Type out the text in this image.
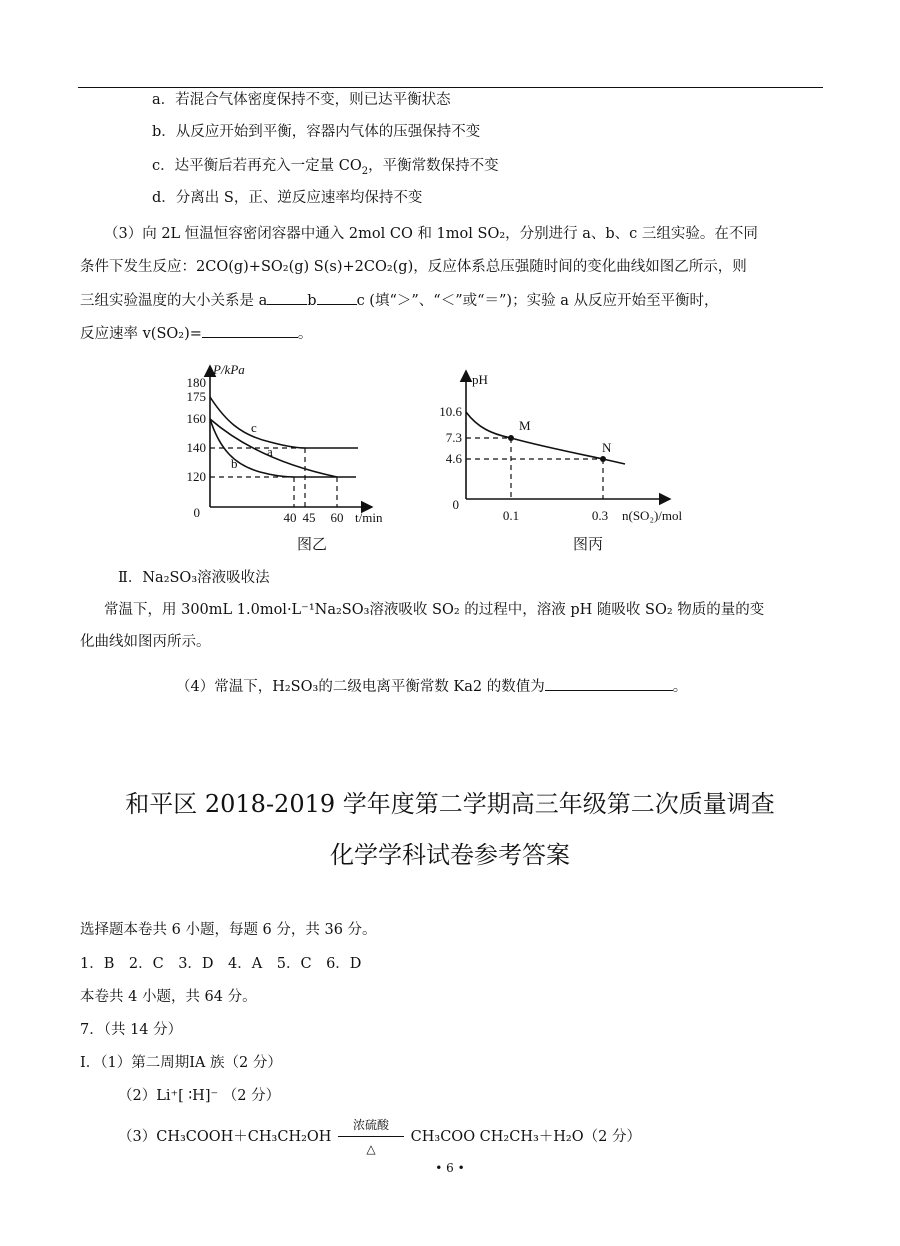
a．若混合气体密度保持不变，则已达平衡状态
b．从反应开始到平衡，容器内气体的压强保持不变
c．达平衡后若再充入一定量 $CO_2$，平衡常数保持不变
d．分离出 S，正、逆反应速率均保持不变
（3）向 2L 恒温恒容密闭容器中通入 2mol CO 和 1mol SO₂，分别进行 a、b、c 三组实验。在不同
条件下发生反应：2CO(g)+SO₂(g) S(s)+2CO₂(g)，反应体系总压强随时间的变化曲线如图乙所示，则
三组实验温度的大小关系是 a	b	c (填“＞”、“＜”或“＝”)；实验 a 从反应开始至平衡时，
反应速率 v(SO₂)=	。
P/kPa
0
180
175
160
140
120
40 45 60 t/min
c
a
b
图乙
pH
0
10.6
7.3
4.6
0.1	0.3 n(SO₂)/mol
M
N
图丙
Ⅱ．Na₂SO₃溶液吸收法
常温下，用 300mL 1.0mol·L⁻¹Na₂SO₃溶液吸收 SO₂ 的过程中，溶液 pH 随吸收 SO₂ 物质的量的变
化曲线如图丙所示。
（4）常温下，H₂SO₃的二级电离平衡常数 Ka2 的数值为	。
和平区 2018-2019 学年度第二学期高三年级第二次质量调查
化学学科试卷参考答案
选择题本卷共 6 小题，每题 6 分，共 36 分。
1．B　2．C　3．D　4．A　5．C　6．D
本卷共 4 小题，共 64 分。
7．（共 14 分）
Ⅰ．（1）第二周期ⅠA 族（2 分）
（2）Li⁺[ ∶H]⁻ （2 分）
（3）CH₃COOH＋CH₃CH₂OH
浓硫酸
△
CH₃COO CH₂CH₃＋H₂O（2 分）
• 6 •
